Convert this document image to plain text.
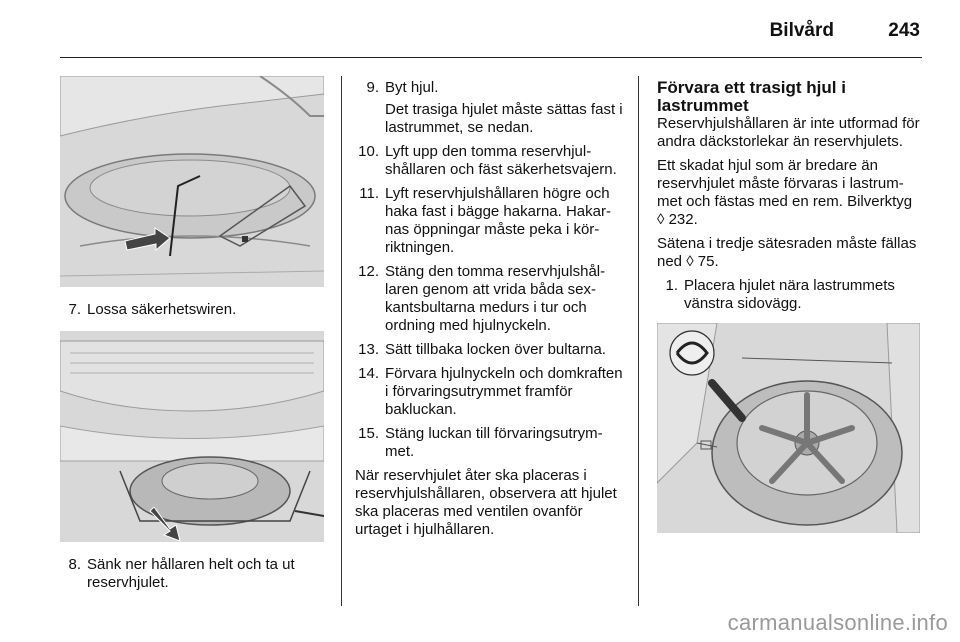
Bilvård	243
7. Lossa säkerhetswiren.
8. Sänk ner hållaren helt och ta ut reservhjulet.
9. Byt hjul.
Det trasiga hjulet måste sättas fast i lastrummet, se nedan.
10. Lyft upp den tomma reservhjulshållaren och fäst säkerhetsvajern.
11. Lyft reservhjulshållaren högre och haka fast i bägge hakarna. Hakarnas öppningar måste peka i körriktningen.
12. Stäng den tomma reservhjulshållaren genom att vrida båda sexkantsbultarna medurs i tur och ordning med hjulnyckeln.
13. Sätt tillbaka locken över bultarna.
14. Förvara hjulnyckeln och domkraften i förvaringsutrymmet framför bakluckan.
15. Stäng luckan till förvaringsutrymmet.
När reservhjulet åter ska placeras i reservhjulshållaren, observera att hjulet ska placeras med ventilen ovanför urtaget i hjulhållaren.
Förvara ett trasigt hjul i lastrummet
Reservhjulshållaren är inte utformad för andra däckstorlekar än reservhjulets.
Ett skadat hjul som är bredare än reservhjulet måste förvaras i lastrummet och fästas med en rem. Bilverktyg ◊ 232.
Sätena i tredje sätesraden måste fällas ned ◊ 75.
1. Placera hjulet nära lastrummets vänstra sidovägg.
carmanualsonline.info
